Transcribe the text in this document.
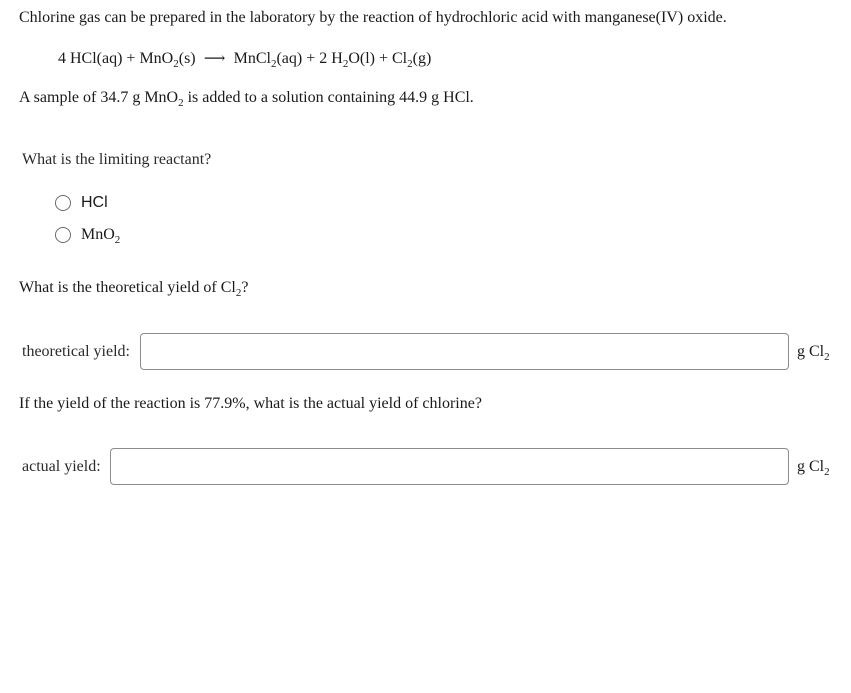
Chlorine gas can be prepared in the laboratory by the reaction of hydrochloric acid with manganese(IV) oxide.
4 HCl(aq) + MnO$_2$(s) ⟶ MnCl$_2$(aq) + 2 $H_2O(l) + Cl_2(g)$
A sample of 34.7 g MnO$_2$ is added to a solution containing 44.9 g HCl.
What is the limiting reactant?
HCl
MnO$_2$
What is the theoretical yield of $Cl_2$?
theoretical yield:	g $Cl_2$
If the yield of the reaction is 77.9%, what is the actual yield of chlorine?
actual yield:	g $Cl_2$
